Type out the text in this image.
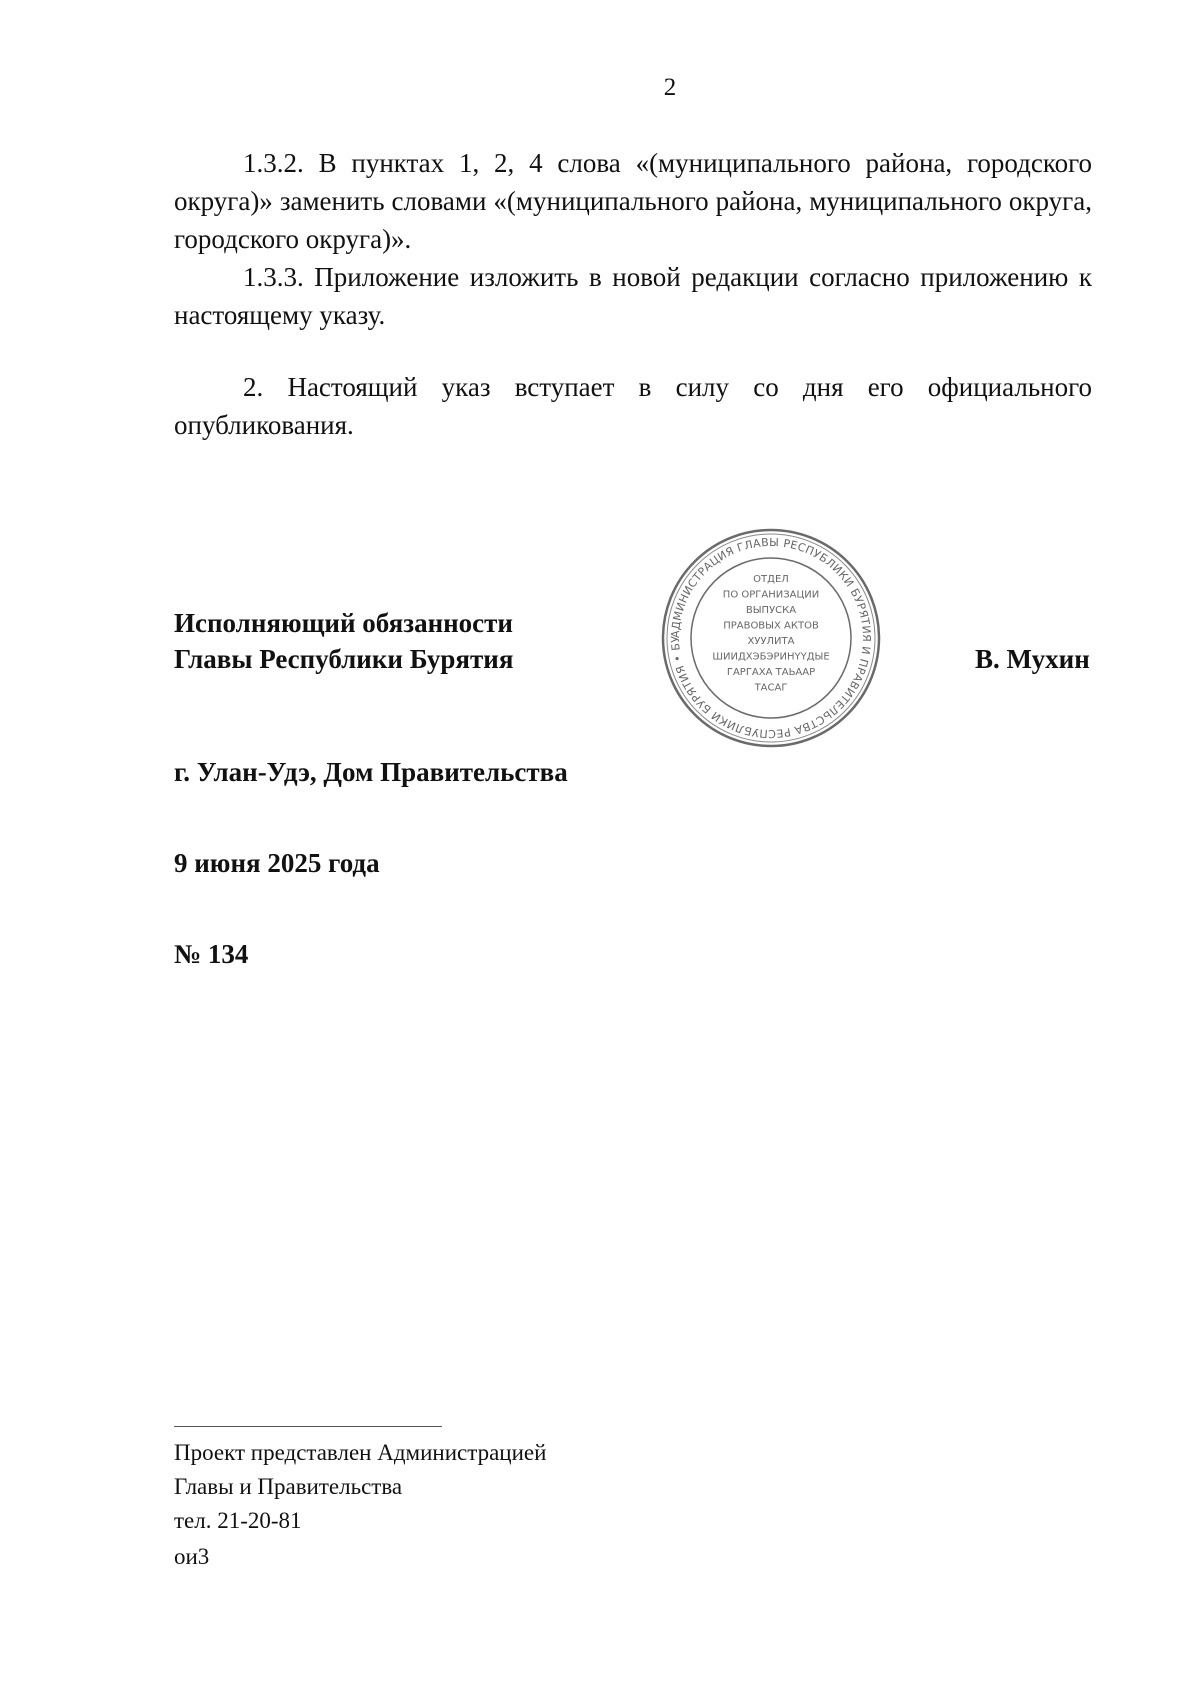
2

1.3.2. В пунктах 1, 2, 4 слова «(муниципального района, городского округа)» заменить словами «(муниципального района, муниципального округа, городского округа)».

1.3.3. Приложение изложить в новой редакции согласно приложению к настоящему указу.

2. Настоящий указ вступает в силу со дня его официального опубликования.

Исполняющий обязанности
Главы Республики Бурятия
АДМИНИСТРАЦИЯ ГЛАВЫ РЕСПУБЛИКИ БУРЯТИЯ И ПРАВИТЕЛЬСТВА РЕСПУБЛИКИ БУРЯТИЯ • БУ
ОТДЕЛ
ПО ОРГАНИЗАЦИИ
ВЫПУСКА
ПРАВОВЫХ АКТОВ
ХУУЛИТА
ШИИДХЭБЭРИНҮҮДЫЕ
ГАРГАХА ТАЬААР
ТАСАГ
В. Мухин
г. Улан-Удэ, Дом Правительства
9 июня 2025 года
№ 134
Проект представлен Администрацией
Главы и Правительства
тел. 21-20-81
ои3
